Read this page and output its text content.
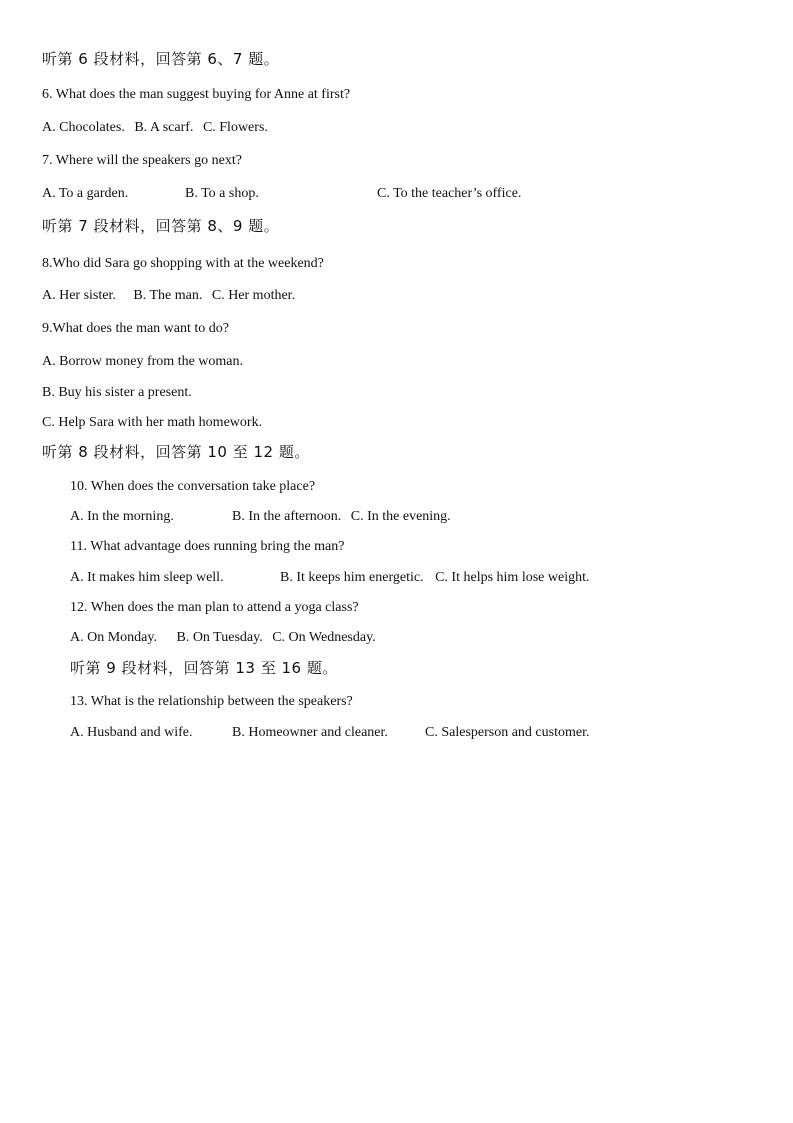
听第 6 段材料，回答第 6、7 题。
6. What does the man suggest buying for Anne at first?
A. Chocolates. B. A scarf. C. Flowers.
7. Where will the speakers go next?
A. To a garden.	B. To a shop.	C. To the teacher’s office.
听第 7 段材料，回答第 8、9 题。
8.Who did Sara go shopping with at the weekend?
A. Her sister. B. The man. C. Her mother.
9.What does the man want to do?
A. Borrow money from the woman.
B. Buy his sister a present.
C. Help Sara with her math homework.
听第 8 段材料，回答第 10 至 12 题。
10. When does the conversation take place?
A. In the morning.	B. In the afternoon. C. In the evening.
11. What advantage does running bring the man?
A. It makes him sleep well.	B. It keeps him energetic. C. It helps him lose weight.
12. When does the man plan to attend a yoga class?
A. On Monday. B. On Tuesday. C. On Wednesday.
听第 9 段材料，回答第 13 至 16 题。
13. What is the relationship between the speakers?
A. Husband and wife.	B. Homeowner and cleaner.	C. Salesperson and customer.
